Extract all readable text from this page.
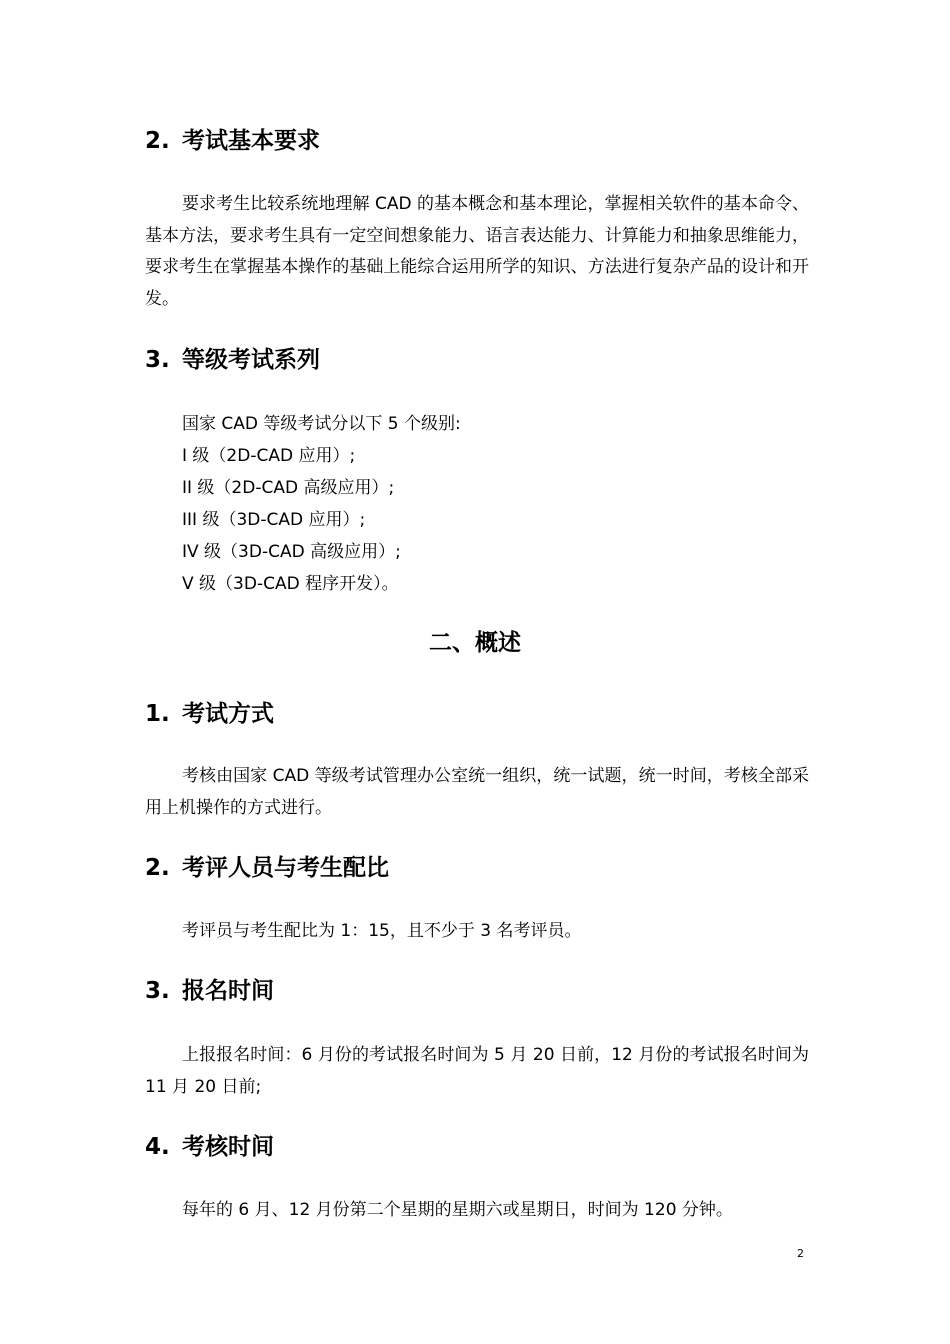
2. 考试基本要求

要求考生比较系统地理解 CAD 的基本概念和基本理论，掌握相关软件的基本命令、基本方法，要求考生具有一定空间想象能力、语言表达能力、计算能力和抽象思维能力，要求考生在掌握基本操作的基础上能综合运用所学的知识、方法进行复杂产品的设计和开发。

3. 等级考试系列
国家 CAD 等级考试分以下 5 个级别:
I 级（2D-CAD 应用）;
II 级（2D-CAD 高级应用）;
III 级（3D-CAD 应用）;
IV 级（3D-CAD 高级应用）;
V 级（3D-CAD 程序开发）。
二、概述
1. 考试方式

考核由国家 CAD 等级考试管理办公室统一组织，统一试题，统一时间，考核全部采用上机操作的方式进行。

2. 考评人员与考生配比

考评员与考生配比为 1：15，且不少于 3 名考评员。

3. 报名时间

上报报名时间：6 月份的考试报名时间为 5 月 20 日前，12 月份的考试报名时间为 11 月 20 日前;

4. 考核时间

每年的 6 月、12 月份第二个星期的星期六或星期日，时间为 120 分钟。

2
